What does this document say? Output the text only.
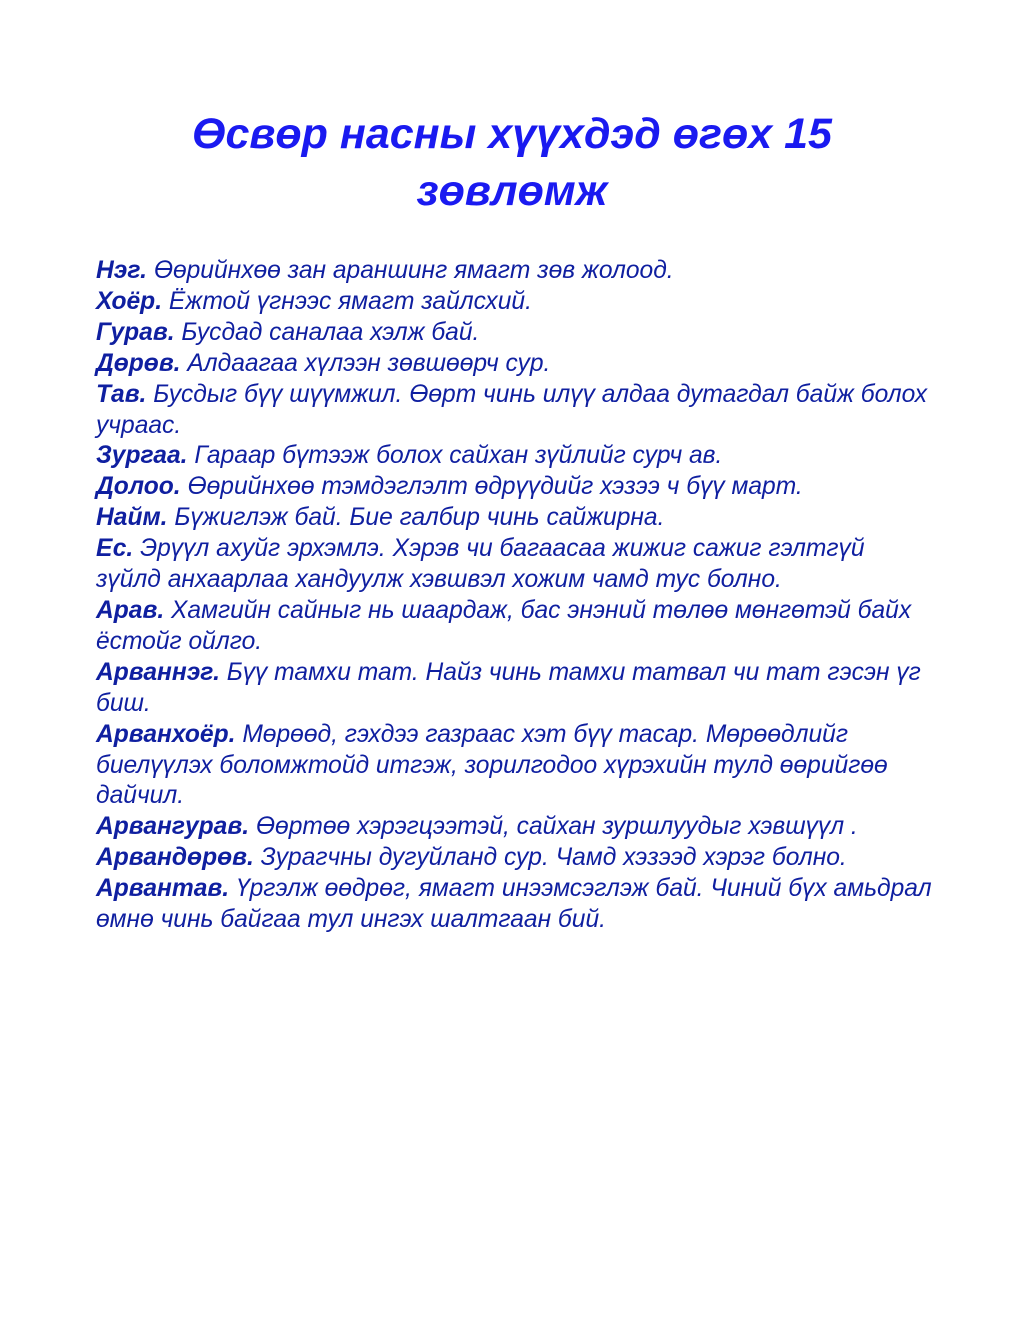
Өсвөр насны хүүхдэд өгөх 15 зөвлөмж

Нэг. Өөрийнхөө зан араншинг ямагт зөв жолоод.

Хоёр. Ёжтой үгнээс ямагт зайлсхий.

Гурав. Бусдад саналаа хэлж бай.

Дөрөв. Алдаагаа хүлээн зөвшөөрч сур.

Тав. Бусдыг бүү шүүмжил. Өөрт чинь илүү алдаа дутагдал байж болох учраас.

Зургаа. Гараар бүтээж болох сайхан зүйлийг сурч ав.

Долоо. Өөрийнхөө тэмдэглэлт өдрүүдийг хэзээ ч бүү март.

Найм. Бүжиглэж бай. Бие галбир чинь сайжирна.

Ес. Эрүүл ахуйг эрхэмлэ. Хэрэв чи багаасаа жижиг сажиг гэлтгүй зүйлд анхаарлаа хандуулж хэвшвэл хожим чамд тус болно.

Арав. Хамгийн сайныг нь шаардаж, бас энэний төлөө мөнгөтэй байх ёстойг ойлго.

Арваннэг. Бүү тамхи тат. Найз чинь тамхи татвал чи тат гэсэн үг биш.

Арванхоёр. Мөрөөд, гэхдээ газраас хэт бүү тасар. Мөрөөдлийг биелүүлэх боломжтойд итгэж, зорилгодоо хүрэхийн тулд өөрийгөө дайчил.

Арвангурав. Өөртөө хэрэгцээтэй, сайхан зуршлуудыг хэвшүүл .

Арвандөрөв. Зурагчны дугуйланд сур. Чамд хэзээд хэрэг болно.

Арвантав. Үргэлж өөдрөг, ямагт инээмсэглэж бай. Чиний бүх амьдрал өмнө чинь байгаа тул ингэх шалтгаан бий.
